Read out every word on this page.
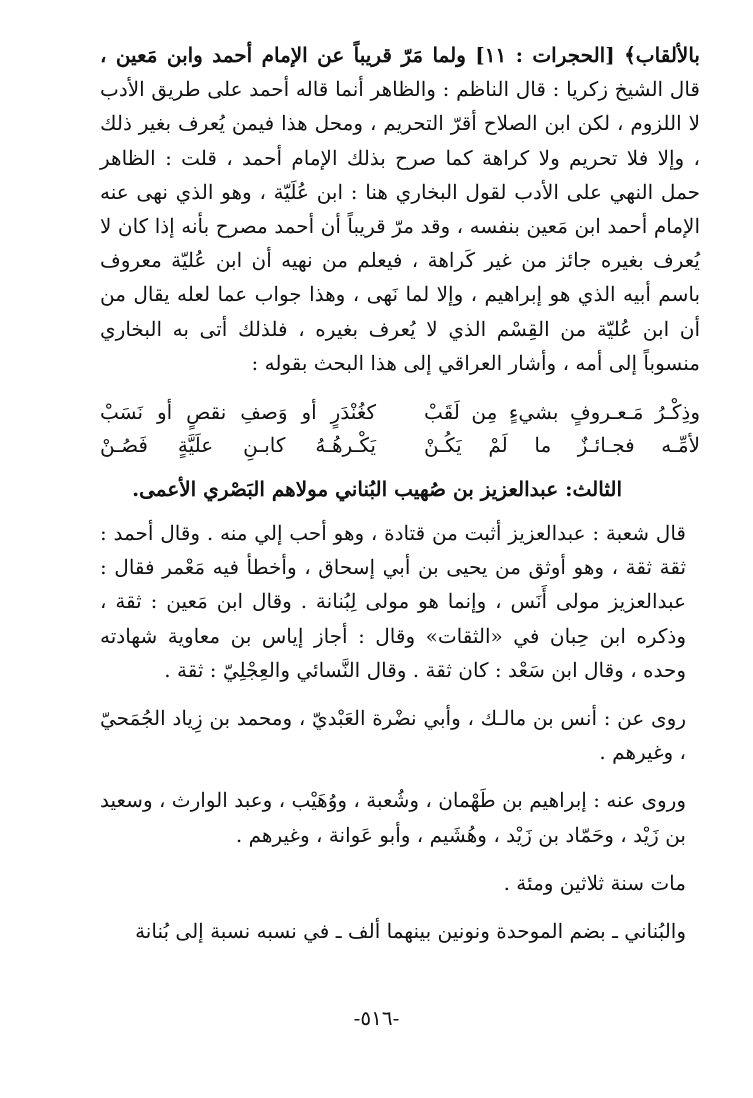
بالألقاب﴾ [الحجرات : ١١] ولما مَرّ قريباً عن الإمام أحمد وابن مَعين ، قال الشيخ زكريا : قال الناظم : والظاهر أنما قاله أحمد على طريق الأدب لا اللزوم ، لكن ابن الصلاح أقرّ التحريم ، ومحل هذا فيمن يُعرف بغير ذلك ، وإلا فلا تحريم ولا كراهة كما صرح بذلك الإمام أحمد ، قلت : الظاهر حمل النهي على الأدب لقول البخاري هنا : ابن عُلَيّة ، وهو الذي نهى عنه الإمام أحمد ابن مَعين بنفسه ، وقد مرّ قريباً أن أحمد مصرح بأنه إذا كان لا يُعرف بغيره جائز من غير كَراهة ، فيعلم من نهيه أن ابن عُليّة معروف باسم أبيه الذي هو إبراهيم ، وإلا لما نَهى ، وهذا جواب عما لعله يقال من أن ابن عُليّة من القِسْم الذي لا يُعرف بغيره ، فلذلك أتى به البخاري منسوباً إلى أمه ، وأشار العراقي إلى هذا البحث بقوله :

وذِكْـرُ مَـعـروفٍ بشيءٍ مِن لَقَبْ
كغُنْدَرٍ أو وَصفِ نقصٍ أو نَسَبْ
لأمِّـه فجـائـزٌ ما لَمْ يَكُـنْ
يَكْـرهُـهُ كابـنِ علَيَّةٍ فَصُـنْ
الثالث: عبدالعزيز بن صُهيب البُناني مولاهم البَصْري الأعمى.

قال شعبة : عبدالعزيز أثبت من قتادة ، وهو أحب إلي منه . وقال أحمد : ثقة ثقة ، وهو أوثق من يحيى بن أبي إسحاق ، وأخطأ فيه مَعْمر فقال : عبدالعزيز مولى أَنَس ، وإنما هو مولى لِبُنانة . وقال ابن مَعين : ثقة ، وذكره ابن حِبان في «الثقات» وقال : أجاز إياس بن معاوية شهادته وحده ، وقال ابن سَعْد : كان ثقة . وقال النَّسائي والعِجْلِيّ : ثقة .

روى عن : أنس بن مالـك ، وأبي نضْرة العَبْديّ ، ومحمد بن زِياد الجُمَحيّ ، وغيرهم .

وروى عنه : إبراهيم بن طَهْمان ، وشُعبة ، ووُهَيْب ، وعبد الوارث ، وسعيد بن زَيْد ، وحَمّاد بن زَيْد ، وهُشَيم ، وأبو عَوانة ، وغيرهم .

مات سنة ثلاثين ومئة .

والبُناني ـ بضم الموحدة ونونين بينهما ألف ـ في نسبه نسبة إلى بُنانة

-٥١٦-
